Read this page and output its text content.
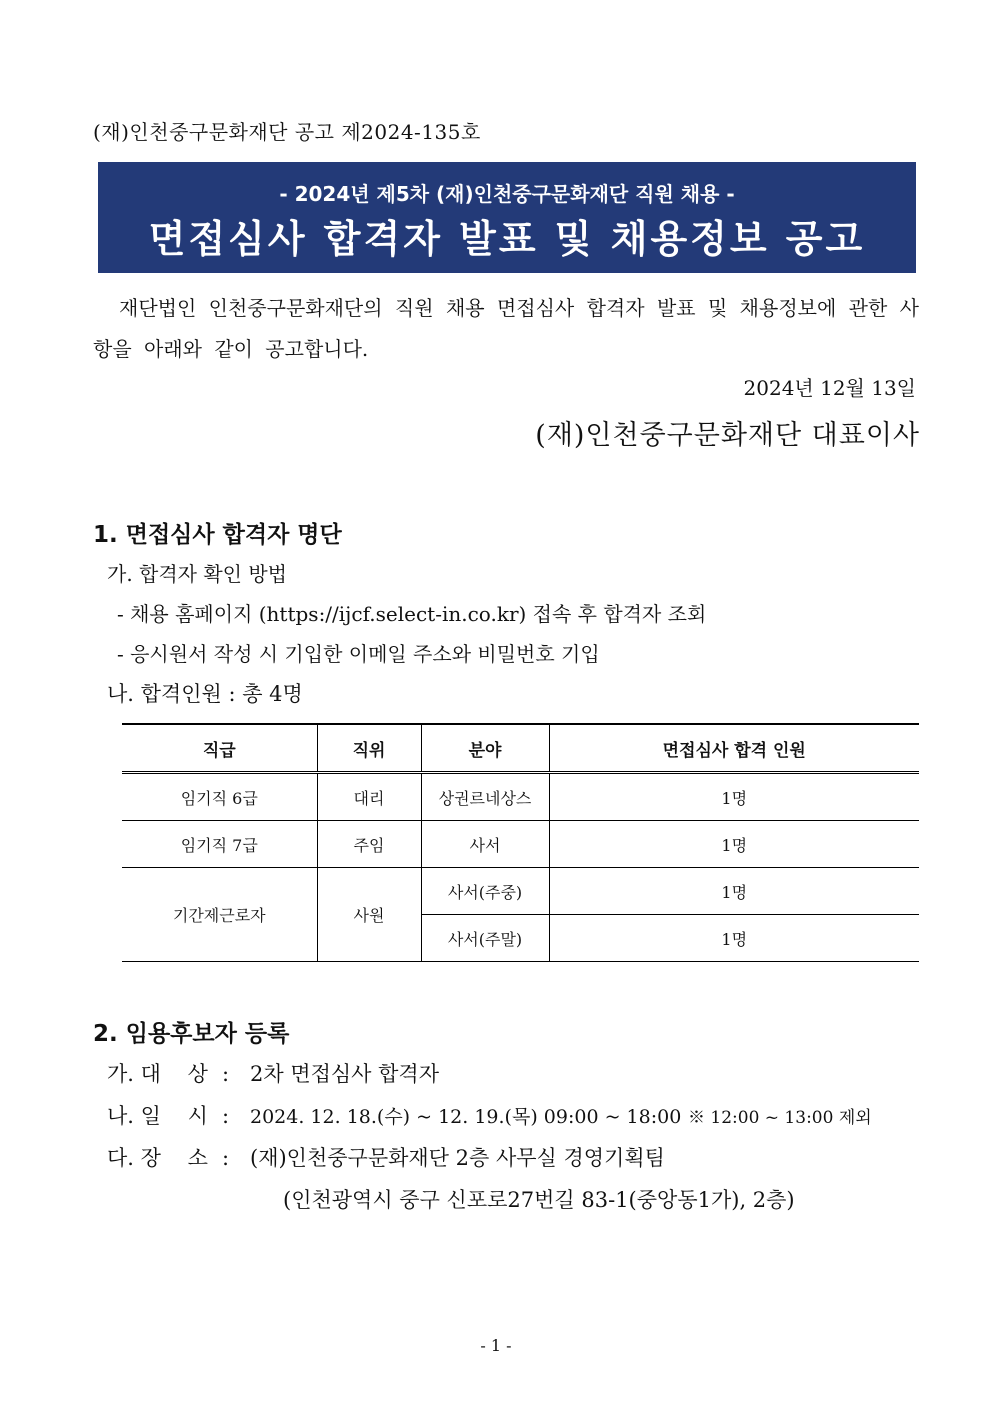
(재)인천중구문화재단 공고 제2024-135호
- 2024년 제5차 (재)인천중구문화재단 직원 채용 -
면접심사 합격자 발표 및 채용정보 공고

재단법인 인천중구문화재단의 직원 채용 면접심사 합격자 발표 및 채용정보에 관한 사항을 아래와 같이 공고합니다.

2024년 12월 13일
(재)인천중구문화재단 대표이사
1. 면접심사 합격자 명단
가. 합격자 확인 방법
- 채용 홈페이지 (https://ijcf.select-in.co.kr) 접속 후 합격자 조회
- 응시원서 작성 시 기입한 이메일 주소와 비밀번호 기입
나. 합격인원 : 총 4명
직급	직위	분야	면접심사 합격 인원
임기직 6급	대리	상권르네상스	1명
임기직 7급	주임	사서	1명
기간제근로자	사원	사서(주중)	1명
		사서(주말)	1명
2. 임용후보자 등록
가. 대    상 : 2차 면접심사 합격자
나. 일    시 : 2024. 12. 18.(수) ~ 12. 19.(목) 09:00 ~ 18:00 ※ 12:00 ~ 13:00 제외
다. 장    소 : (재)인천중구문화재단 2층 사무실 경영기획팀
(인천광역시 중구 신포로27번길 83-1(중앙동1가), 2층)
- 1 -
